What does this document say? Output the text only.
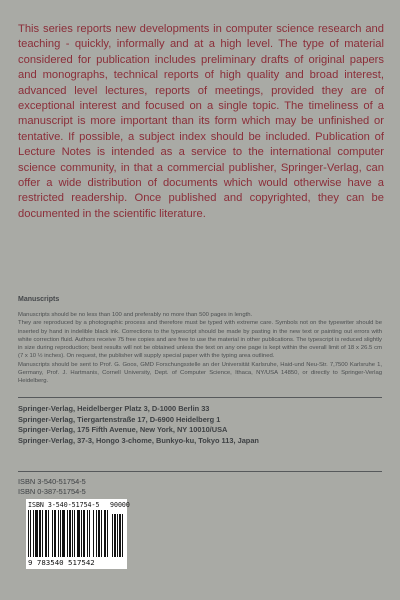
This series reports new developments in computer science research and teaching - quickly, informally and at a high level. The type of material considered for publication includes preliminary drafts of original papers and monographs, technical reports of high quality and broad interest, advanced level lectures, reports of meetings, provided they are of exceptional interest and focused on a single topic. The timeliness of a manuscript is more important than its form which may be unfinished or tentative. If possible, a subject index should be included. Publication of Lecture Notes is intended as a service to the international computer science community, in that a commercial publisher, Springer-Verlag, can offer a wide distribution of documents which would otherwise have a restricted readership. Once published and copyrighted, they can be documented in the scientific literature.

Manuscripts

Manuscripts should be no less than 100 and preferably no more than 500 pages in length.

They are reproduced by a photographic process and therefore must be typed with extreme care. Symbols not on the typewriter should be inserted by hand in indelible black ink. Corrections to the typescript should be made by pasting in the new text or painting out errors with white correction fluid. Authors receive 75 free copies and are free to use the material in other publications. The typescript is reduced slightly in size during reproduction; best results will not be obtained unless the text on any one page is kept within the overall limit of 18 x 26.5 cm (7 x 10 ½ inches). On request, the publisher will supply special paper with the typing area outlined.

Manuscripts should be sent to Prof. G. Goos, GMD Forschungsstelle an der Universität Karlsruhe, Haid-und Neu-Str. 7,7500 Karlsruhe 1, Germany, Prof. J. Hartmanis, Cornell University, Dept. of Computer Science, Ithaca, NY/USA 14850, or directly to Springer-Verlag Heidelberg.

Springer-Verlag, Heidelberger Platz 3, D-1000 Berlin 33
Springer-Verlag, Tiergartenstraße 17, D-6900 Heidelberg 1
Springer-Verlag, 175 Fifth Avenue, New York, NY 10010/USA
Springer-Verlag, 37-3, Hongo 3-chome, Bunkyo-ku, Tokyo 113, Japan
ISBN 3-540-51754-5
ISBN 0-387-51754-5
ISBN 3-540-51754-5 90000
9 783540 517542
